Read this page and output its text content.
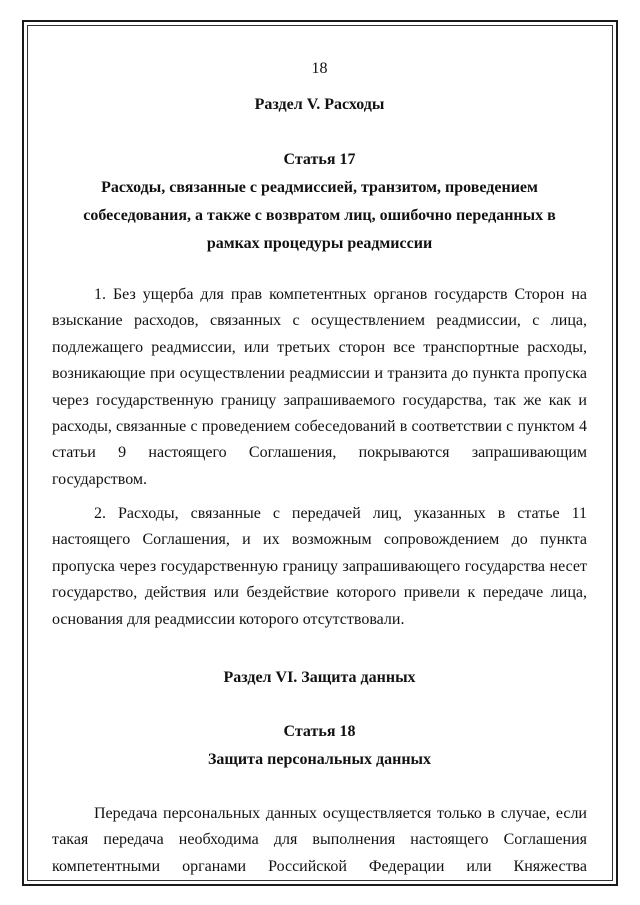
18

Раздел V. Расходы

Статья 17
Расходы, связанные с реадмиссией, транзитом, проведением
собеседования, а также с возвратом лиц, ошибочно переданных в
рамках процедуры реадмиссии

1. Без ущерба для прав компетентных органов государств Сторон на взыскание расходов, связанных с осуществлением реадмиссии, с лица, подлежащего реадмиссии, или третьих сторон все транспортные расходы, возникающие при осуществлении реадмиссии и транзита до пункта пропуска через государственную границу запрашиваемого государства, так же как и расходы, связанные с проведением собеседований в соответствии с пунктом 4 статьи 9 настоящего Соглашения, покрываются запрашивающим государством.

2. Расходы, связанные с передачей лиц, указанных в статье 11 настоящего Соглашения, и их возможным сопровождением до пункта пропуска через государственную границу запрашивающего государства несет государство, действия или бездействие которого привели к передаче лица, основания для реадмиссии которого отсутствовали.

Раздел VI. Защита данных

Статья 18
Защита персональных данных

Передача персональных данных осуществляется только в случае, если такая передача необходима для выполнения настоящего Соглашения компетентными органами Российской Федерации или Княжества
